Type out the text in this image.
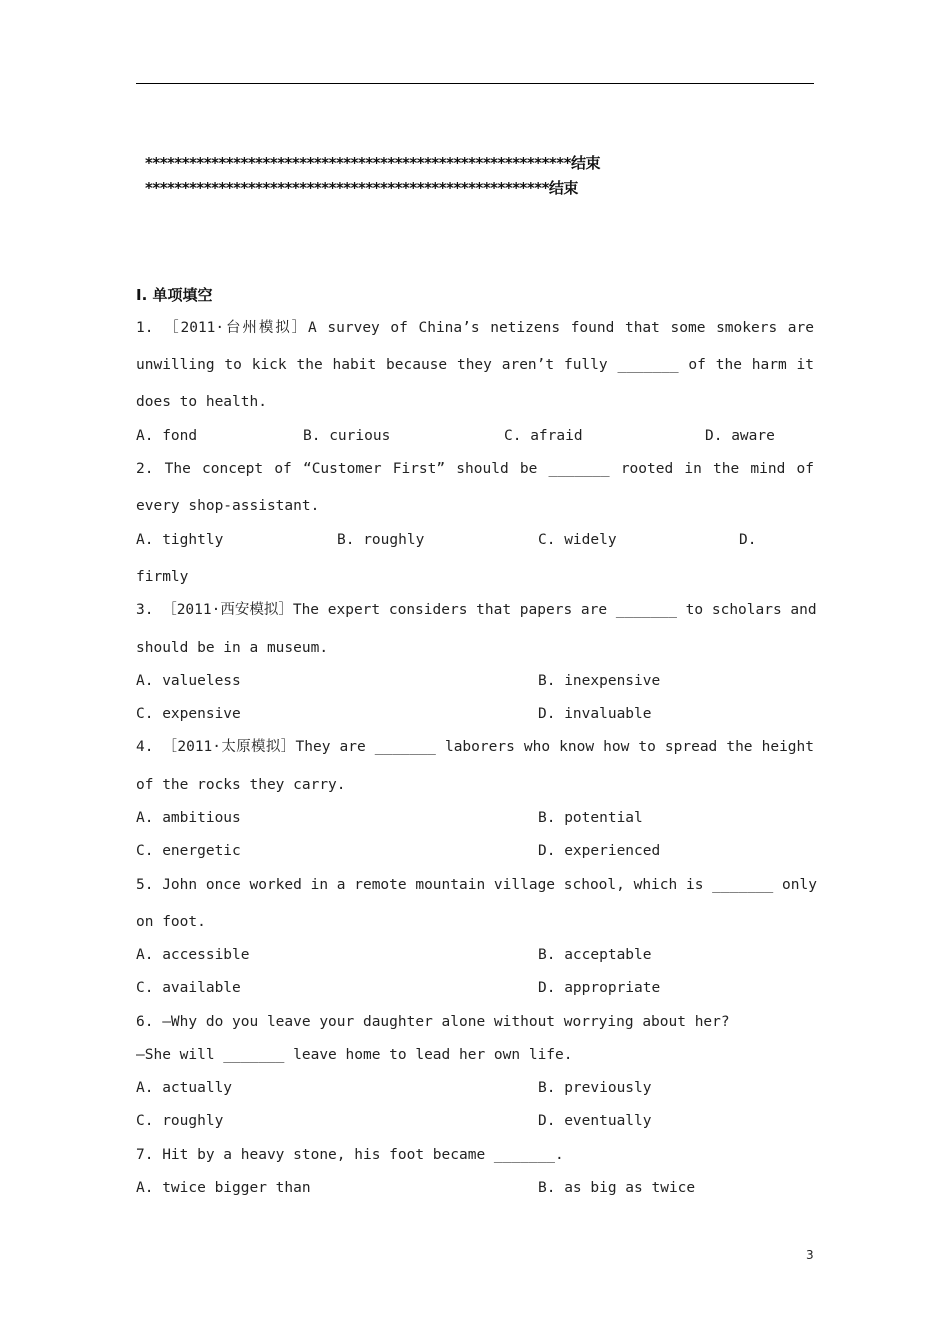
**********************************************************结束
*******************************************************结束
Ⅰ. 单项填空
1. ［2011·台州模拟］A survey of China’s netizens found that some smokers are
unwilling to kick the habit because they aren’t fully _______ of the harm it
does to health.
A. fond	B. curious	C. afraid	D. aware
2. The concept of “Customer First” should be _______ rooted in the mind of
every shop-assistant.
A. tightly	B. roughly	C. widely	D.
firmly
3. ［2011·西安模拟］The expert considers that papers are _______ to scholars and
should be in a museum.
A. valueless	B. inexpensive
C. expensive	D. invaluable
4. ［2011·太原模拟］They are _______ laborers who know how to spread the height
of the rocks they carry.
A. ambitious	B. potential
C. energetic	D. experienced
5. John once worked in a remote mountain village school, which is _______ only
on foot.
A. accessible	B. acceptable
C. available	D. appropriate
6. —Why do you leave your daughter alone without worrying about her?
—She will _______ leave home to lead her own life.
A. actually	B. previously
C. roughly	D. eventually
7. Hit by a heavy stone, his foot became _______.
A. twice bigger than	B. as big as twice
3
